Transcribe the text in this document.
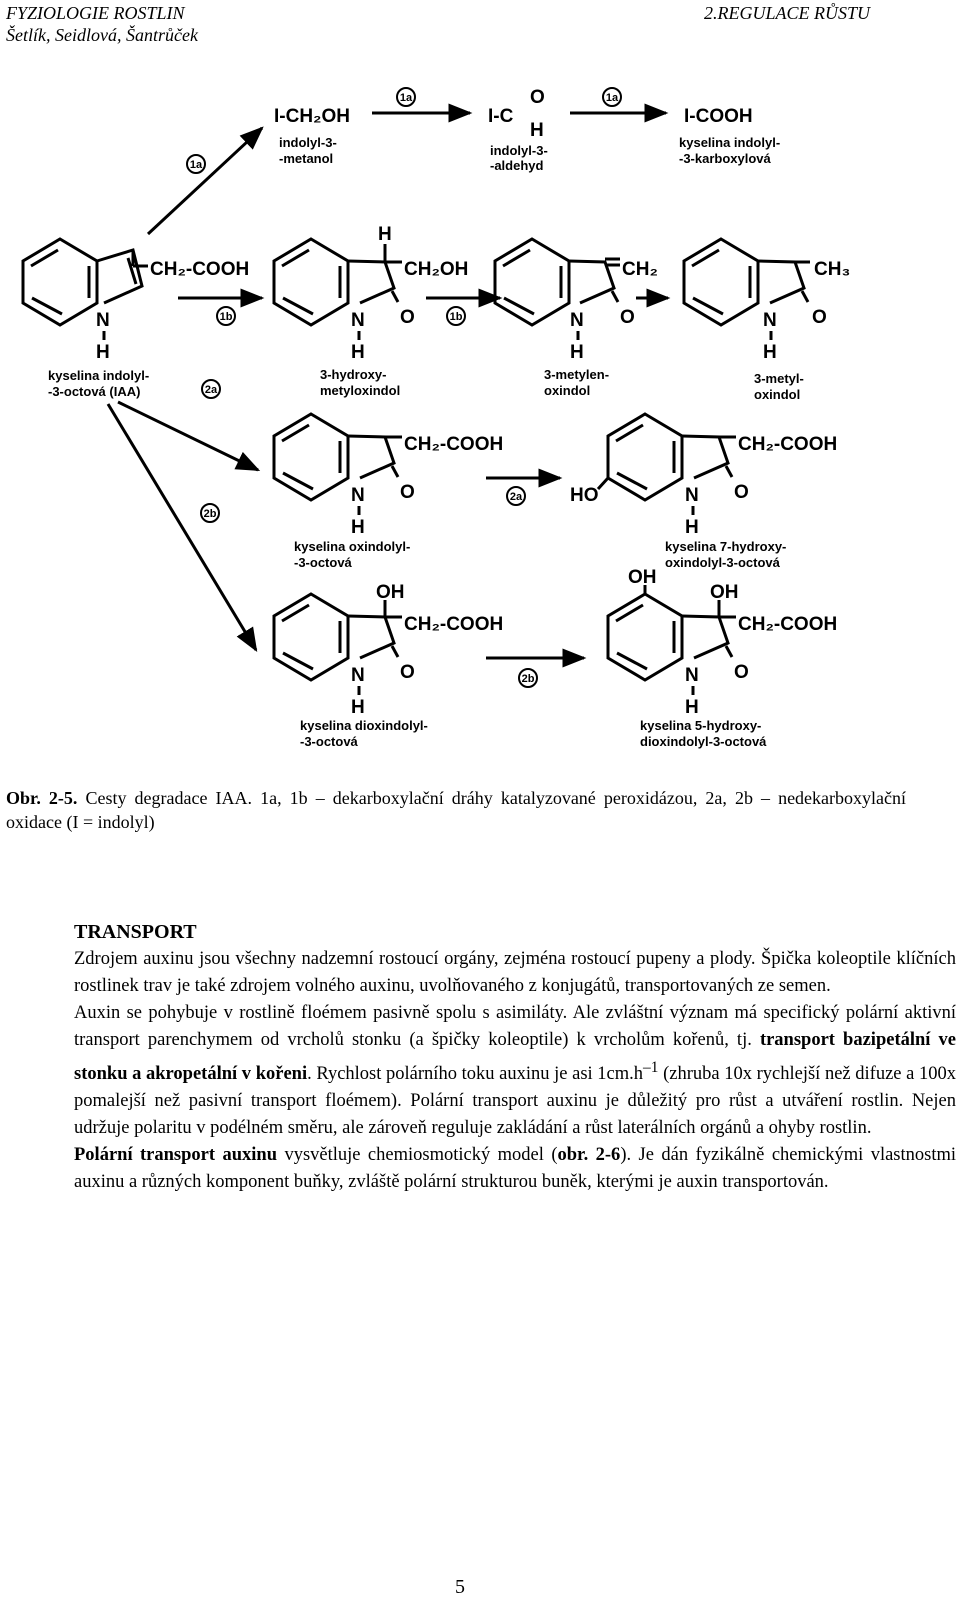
FYZIOLOGIE ROSTLIN
Šetlík, Seidlová, Šantrůček
2.REGULACE RŮSTU
I-CH₂OH
indolyl-3-
-metanol
1a
I-C
O
H
indolyl-3-
-aldehyd
1a
I-COOH
kyselina indolyl-
-3-karboxylová
1a
N
H
CH₂-COOH
kyselina indolyl-
-3-octová (IAA)
1b
H
N
H
O
CH₂OH
3-hydroxy-
metyloxindol
1b	N
H
O
CH₂
3-metylen-
oxindol
N
H
O
CH₃
3-metyl-
oxindol
2a
2b
N
H
O
CH₂-COOH
kyselina oxindolyl-
-3-octová
2a	N
H
O
HO
CH₂-COOH
kyselina 7-hydroxy-
oxindolyl-3-octová
N
H
O
OH
CH₂-COOH
kyselina dioxindolyl-
-3-octová
2b	N
H
O
OH
OH
CH₂-COOH
kyselina 5-hydroxy-
dioxindolyl-3-octová
Obr. 2-5. Cesty degradace IAA. 1a, 1b – dekarboxylační dráhy katalyzované peroxidázou, 2a, 2b – nedekarboxylační oxidace (I = indolyl)

TRANSPORT

Zdrojem auxinu jsou všechny nadzemní rostoucí orgány, zejména rostoucí pupeny a plody. Špička koleoptile klíčních rostlinek trav je také zdrojem volného auxinu, uvolňovaného z konjugátů, transportovaných ze semen.

Auxin se pohybuje v rostlině floémem pasivně spolu s asimiláty. Ale zvláštní význam má specifický polární aktivní transport parenchymem od vrcholů stonku (a špičky koleoptile) k vrcholům kořenů, tj. transport bazipetální ve stonku a akropetální v kořeni. Rychlost polárního toku auxinu je asi $1cm.h^{-1}$ (zhruba 10x rychlejší než difuze a 100x pomalejší než pasivní transport floémem). Polární transport auxinu je důležitý pro růst a utváření rostlin. Nejen udržuje polaritu v podélném směru, ale zároveň reguluje zakládání a růst laterálních orgánů a ohyby rostlin.

Polární transport auxinu vysvětluje chemiosmotický model (obr. 2-6). Je dán fyzikálně chemickými vlastnostmi auxinu a různých komponent buňky, zvláště polární strukturou buněk, kterými je auxin transportován.

5
